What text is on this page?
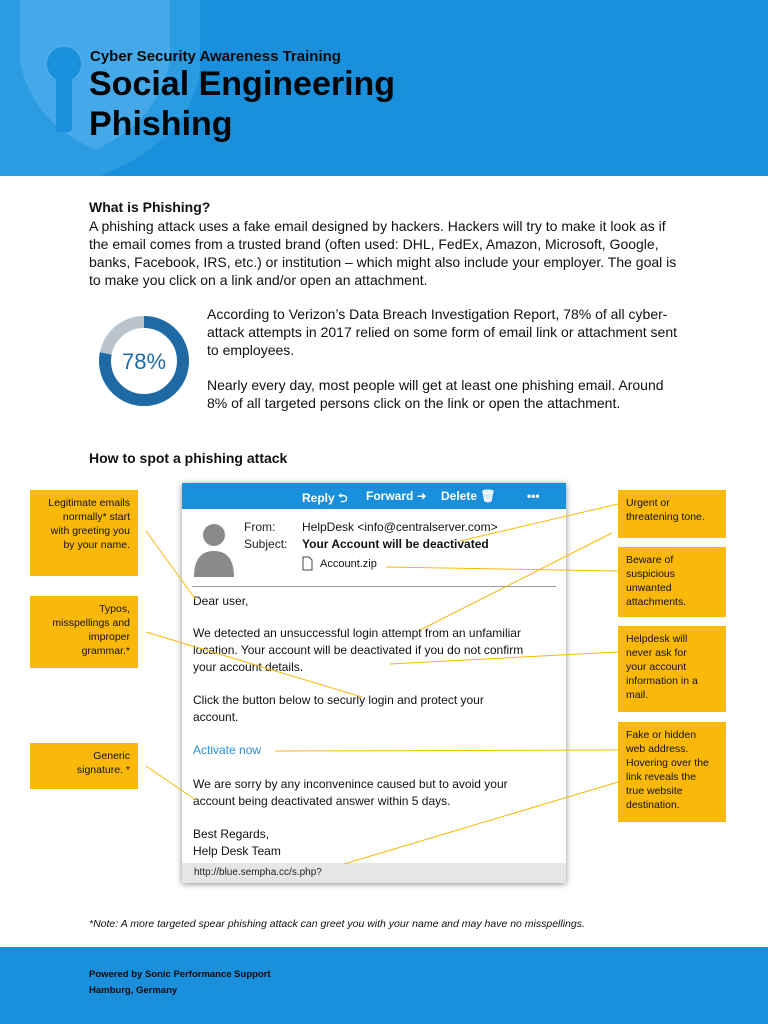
Cyber Security Awareness Training
Social Engineering
Phishing
What is Phishing?
A phishing attack uses a fake email designed by hackers. Hackers will try to make it look as if
the email comes from a trusted brand (often used: DHL, FedEx, Amazon, Microsoft, Google,
banks, Facebook, IRS, etc.) or institution – which might also include your employer. The goal is
to make you click on a link and/or open an attachment.
78%
According to Verizon’s Data Breach Investigation Report, 78% of all cyber-
attack attempts in 2017 relied on some form of email link or attachment sent
to employees.
Nearly every day, most people will get at least one phishing email. Around
8% of all targeted persons click on the link or open the attachment.
How to spot a phishing attack
Reply ⮌ Forward ➜ Delete 🗑	•••
From: HelpDesk <info@centralserver.com>
Subject: Your Account will be deactivated
Account.zip
Dear user,
We detected an unsuccessful login attempt from an unfamiliar
location. Your account will be deactivated if you do not confirm
your account details.
Click the button below to securly login and protect your
account.
Activate now
We are sorry by any inconvenince caused but to avoid your
account being deactivated answer within 5 days.
Best Regards,
Help Desk Team
http://blue.sempha.cc/s.php?
Legitimate emails
normally* start
with greeting you
by your name.
Typos,
misspellings and
improper
grammar.*
Generic
signature. *
Urgent or
threatening tone.
Beware of
suspicious
unwanted
attachments.
Helpdesk will
never ask for
your account
information in a
mail.
Fake or hidden
web address.
Hovering over the
link reveals the
true website
destination.
*Note: A more targeted spear phishing attack can greet you with your name and may have no misspellings.
Powered by Sonic Performance Support
Hamburg, Germany
